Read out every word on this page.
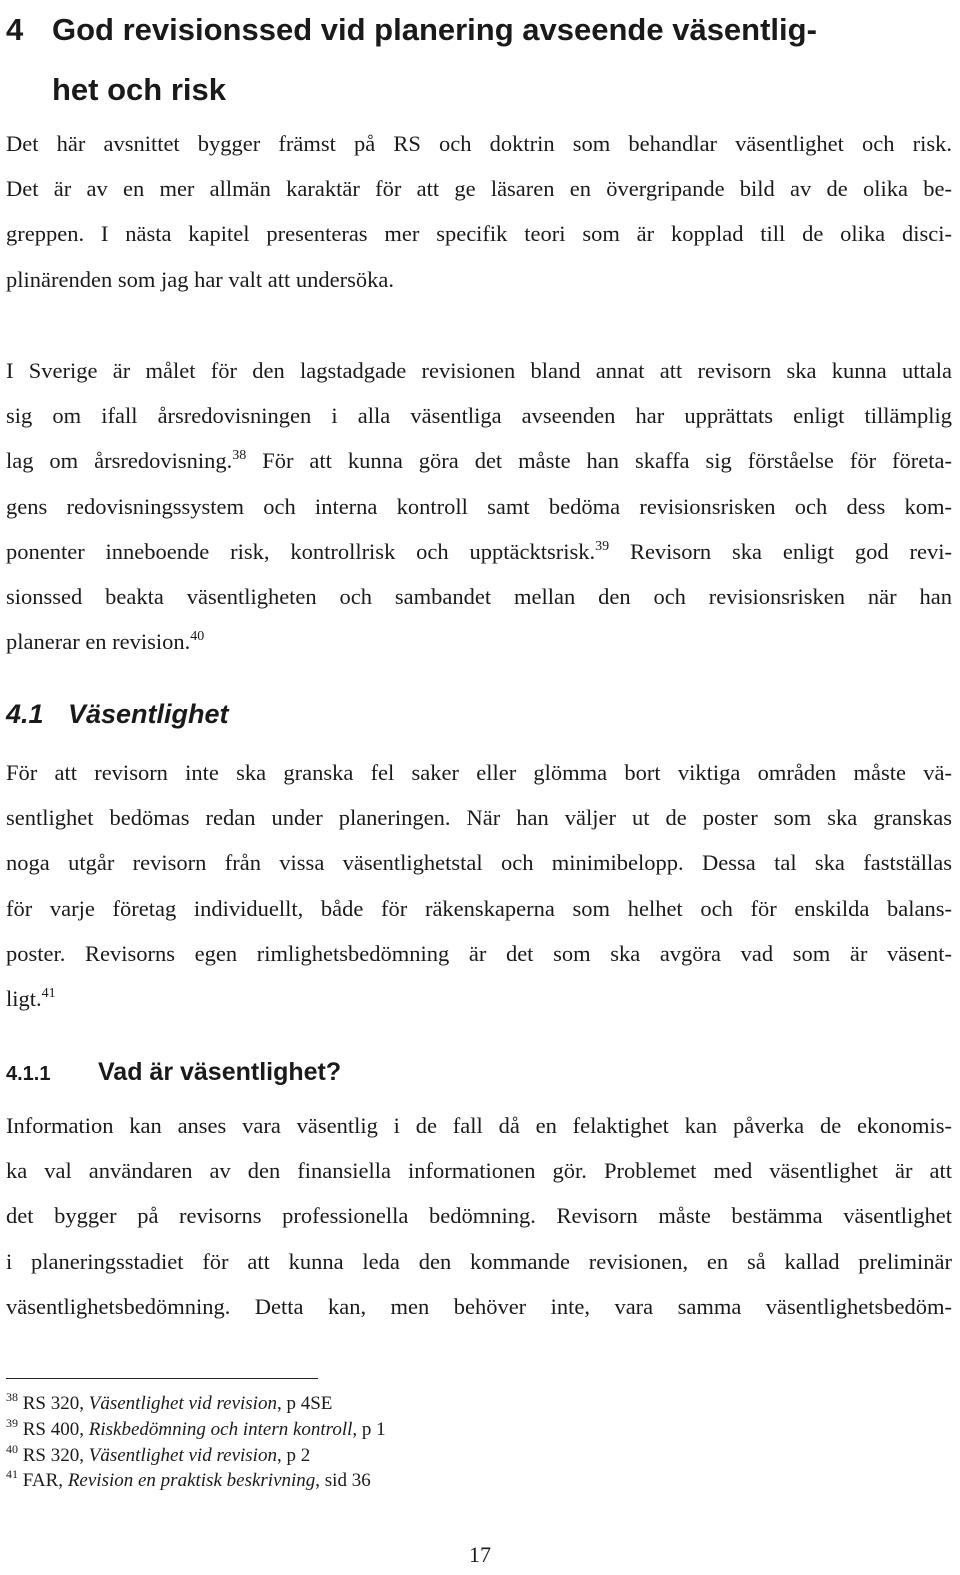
4 God revisionssed vid planering avseende väsentlig-
het och risk
Det här avsnittet bygger främst på RS och doktrin som behandlar väsentlighet och risk.
Det är av en mer allmän karaktär för att ge läsaren en övergripande bild av de olika be-
greppen. I nästa kapitel presenteras mer specifik teori som är kopplad till de olika disci-
plinärenden som jag har valt att undersöka.
I Sverige är målet för den lagstadgade revisionen bland annat att revisorn ska kunna uttala
sig om ifall årsredovisningen i alla väsentliga avseenden har upprättats enligt tillämplig
lag om årsredovisning.$^{38}$ För att kunna göra det måste han skaffa sig förståelse för företa-
gens redovisningssystem och interna kontroll samt bedöma revisionsrisken och dess kom-
ponenter inneboende risk, kontrollrisk och upptäcktsrisk.$^{39}$ Revisorn ska enligt god revi-
sionssed beakta väsentligheten och sambandet mellan den och revisionsrisken när han
planerar en revision.$^{40}$
4.1 Väsentlighet
För att revisorn inte ska granska fel saker eller glömma bort viktiga områden måste vä-
sentlighet bedömas redan under planeringen. När han väljer ut de poster som ska granskas
noga utgår revisorn från vissa väsentlighetstal och minimibelopp. Dessa tal ska fastställas
för varje företag individuellt, både för räkenskaperna som helhet och för enskilda balans-
poster. Revisorns egen rimlighetsbedömning är det som ska avgöra vad som är väsent-
ligt.$^{41}$
4.1.1 Vad är väsentlighet?
Information kan anses vara väsentlig i de fall då en felaktighet kan påverka de ekonomis-
ka val användaren av den finansiella informationen gör. Problemet med väsentlighet är att
det bygger på revisorns professionella bedömning. Revisorn måste bestämma väsentlighet
i planeringsstadiet för att kunna leda den kommande revisionen, en så kallad preliminär
väsentlighetsbedömning. Detta kan, men behöver inte, vara samma väsentlighetsbedöm-
$^{38}$ RS 320, Väsentlighet vid revision, p 4SE
$^{39}$ RS 400, Riskbedömning och intern kontroll, p 1
$^{40}$ RS 320, Väsentlighet vid revision, p 2
$^{41}$ FAR, Revision en praktisk beskrivning, sid 36
17
